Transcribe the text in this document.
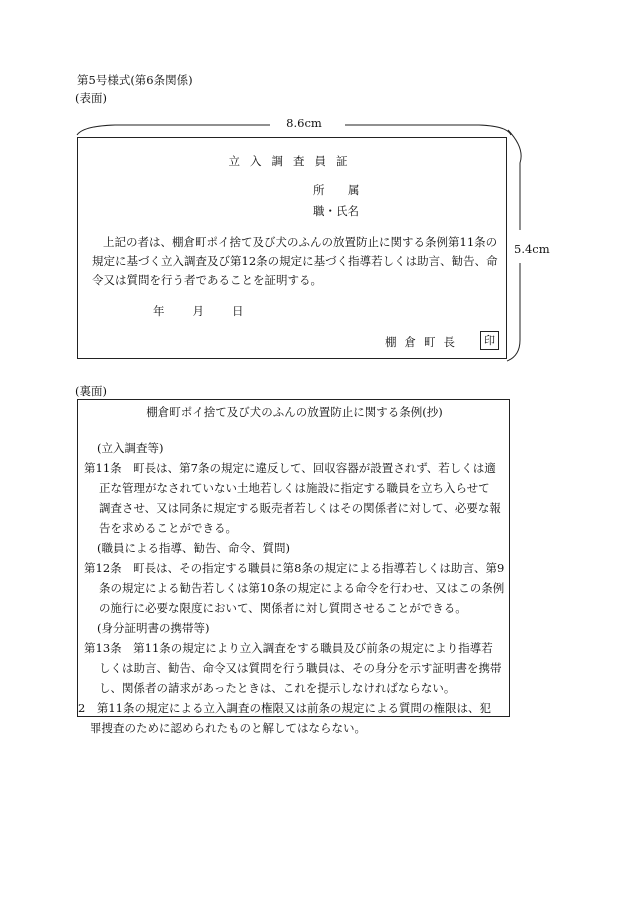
第5号様式(第6条関係)
(表面)
8.6cm
5.4cm
立入調査員証
所　属
職・氏名
上記の者は、棚倉町ポイ捨て及び犬のふんの放置防止に関する条例第11条の規定に基づく立入調査及び第12条の規定に基づく指導若しくは助言、勧告、命令又は質問を行う者であることを証明する。
年 月 日
棚倉町長	印
(裏面)
棚倉町ポイ捨て及び犬のふんの放置防止に関する条例(抄)
(立入調査等)
第11条　町長は、第7条の規定に違反して、回収容器が設置されず、若しくは適
正な管理がなされていない土地若しくは施設に指定する職員を立ち入らせて
調査させ、又は同条に規定する販売者若しくはその関係者に対して、必要な報
告を求めることができる。
(職員による指導、勧告、命令、質問)
第12条　町長は、その指定する職員に第8条の規定による指導若しくは助言、第9
条の規定による勧告若しくは第10条の規定による命令を行わせ、又はこの条例
の施行に必要な限度において、関係者に対し質問させることができる。
(身分証明書の携帯等)
第13条　第11条の規定により立入調査をする職員及び前条の規定により指導若
しくは助言、勧告、命令又は質問を行う職員は、その身分を示す証明書を携帯
し、関係者の請求があったときは、これを提示しなければならない。
2　第11条の規定による立入調査の権限又は前条の規定による質問の権限は、犯
罪捜査のために認められたものと解してはならない。
